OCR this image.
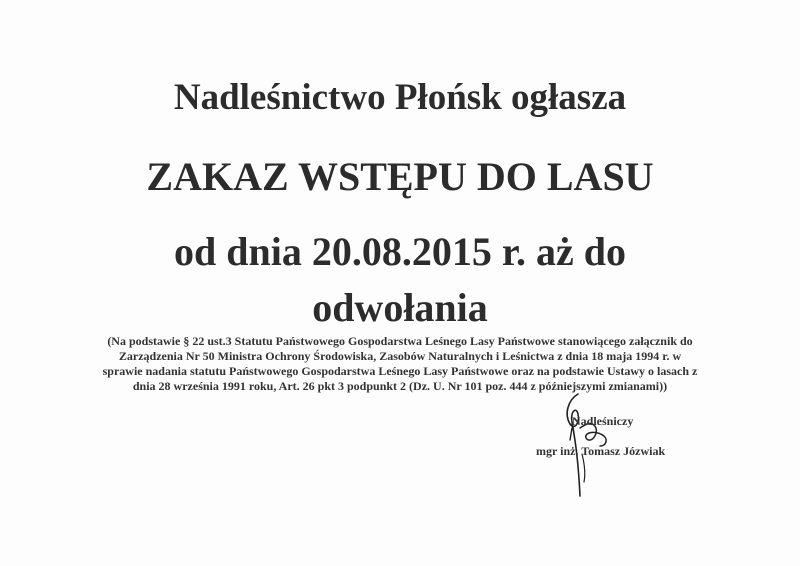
Nadleśnictwo Płońsk ogłasza
ZAKAZ WSTĘPU DO LASU
od dnia 20.08.2015 r. aż do
odwołania
(Na podstawie § 22 ust.3 Statutu Państwowego Gospodarstwa Leśnego Lasy Państwowe stanowiącego załącznik do
Zarządzenia Nr 50 Ministra Ochrony Środowiska, Zasobów Naturalnych i Leśnictwa z dnia 18 maja 1994 r. w
sprawie nadania statutu Państwowego Gospodarstwa Leśnego Lasy Państwowe oraz na podstawie Ustawy o lasach z
dnia 28 września 1991 roku, Art. 26 pkt 3 podpunkt 2 (Dz. U. Nr 101 poz. 444 z późniejszymi zmianami))
Nadleśniczy
mgr inż. Tomasz Józwiak
